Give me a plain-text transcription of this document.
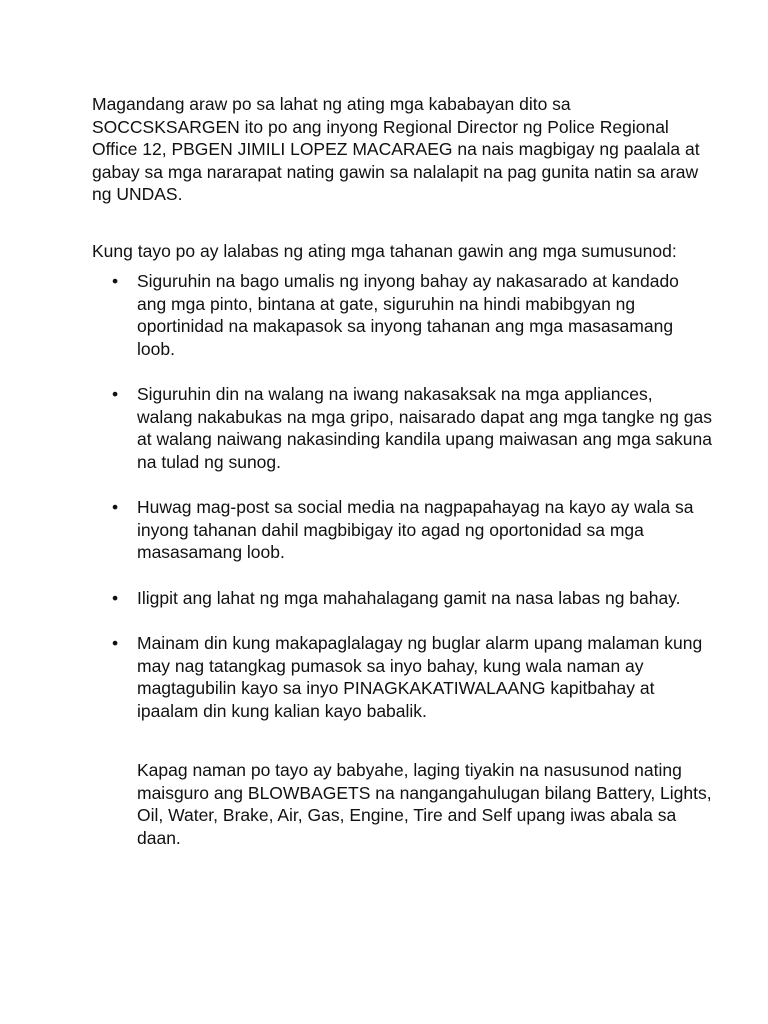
Magandang araw po sa lahat ng ating mga kababayan dito sa SOCCSKSARGEN ito po ang inyong Regional Director ng Police Regional Office 12, PBGEN JIMILI LOPEZ MACARAEG na nais magbigay ng paalala at gabay sa mga nararapat nating gawin sa nalalapit na pag gunita natin sa araw ng UNDAS.

Kung tayo po ay lalabas ng ating mga tahanan gawin ang mga sumusunod:

• Siguruhin na bago umalis ng inyong bahay ay nakasarado at kandado ang mga pinto, bintana at gate, siguruhin na hindi mabibgyan ng oportinidad na makapasok sa inyong tahanan ang mga masasamang loob.
• Siguruhin din na walang na iwang nakasaksak na mga appliances, walang nakabukas na mga gripo, naisarado dapat ang mga tangke ng gas at walang naiwang nakasinding kandila upang maiwasan ang mga sakuna na tulad ng sunog.
• Huwag mag-post sa social media na nagpapahayag na kayo ay wala sa inyong tahanan dahil magbibigay ito agad ng oportonidad sa mga masasamang loob.
• Iligpit ang lahat ng mga mahahalagang gamit na nasa labas ng bahay.
• Mainam din kung makapaglalagay ng buglar alarm upang malaman kung may nag tatangkag pumasok sa inyo bahay, kung wala naman ay magtagubilin kayo sa inyo PINAGKAKATIWALAANG kapitbahay at ipaalam din kung kalian kayo babalik.

Kapag naman po tayo ay babyahe, laging tiyakin na nasusunod nating maisguro ang BLOWBAGETS na nangangahulugan bilang Battery, Lights, Oil, Water, Brake, Air, Gas, Engine, Tire and Self upang iwas abala sa daan.
